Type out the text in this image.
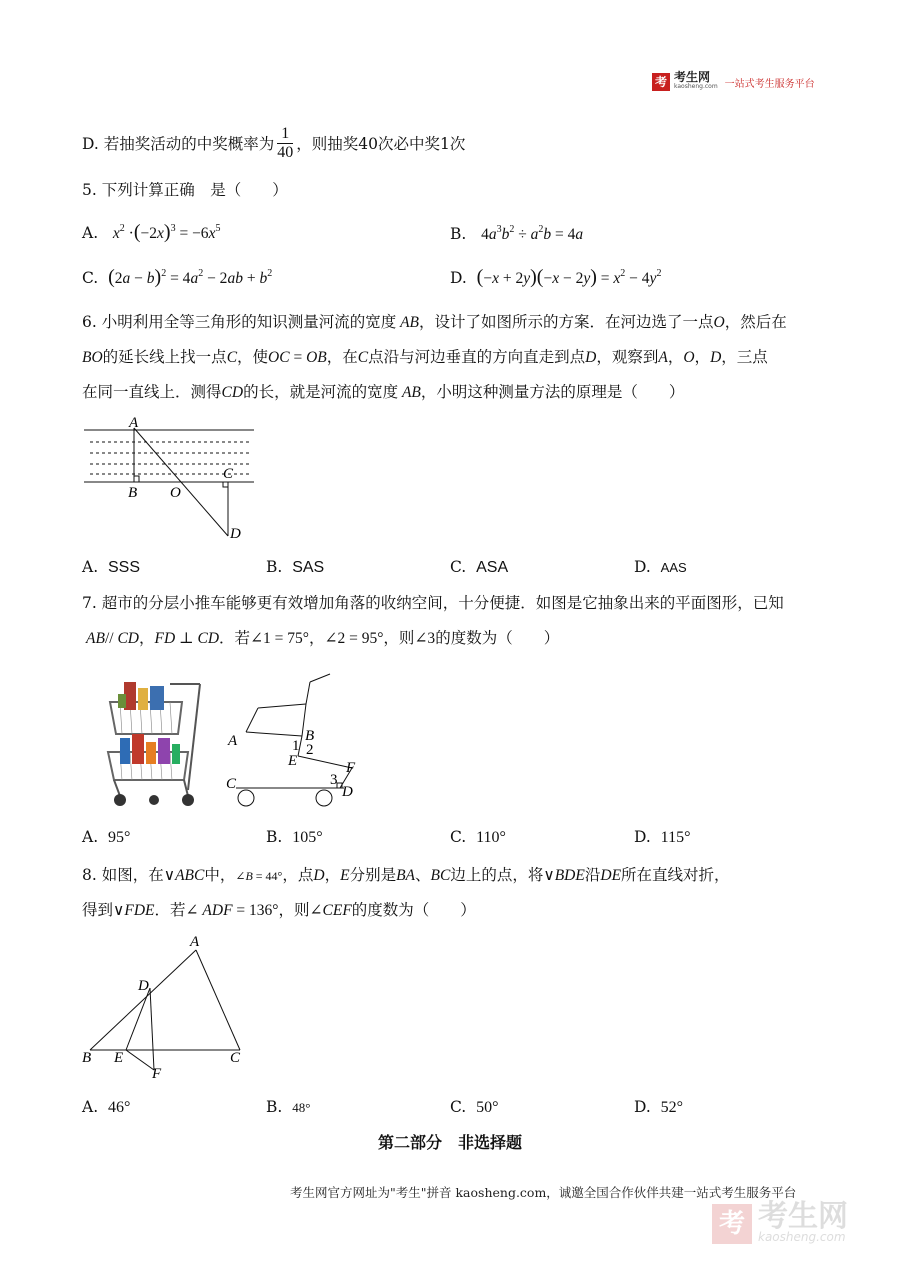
考 考生网
kaosheng.com 一站式考生服务平台
D.
若抽奖活动的中奖概率为 $\frac{1}{40}$ ，则抽奖40次必中奖1次
5. 下列计算正确　是（　　）
A. $x^2 \cdot(-2x)^3 = -6x^5$	B. $4a^3b^2 \div a^2b = 4a$
C. $(2a - b)^2 = 4a^2 - 2ab + b^2$	D. $(-x + 2y)(-x - 2y) = x^2 - 4y^2$
6. 小明利用全等三角形的知识测量河流的宽度 AB，设计了如图所示的方案．在河边选了一点O，然后在
BO的延长线上找一点C，使OC = OB，在C点沿与河边垂直的方向直走到点D，观察到A，O，D，三点
在同一直线上．测得CD的长，就是河流的宽度 AB，小明这种测量方法的原理是（　　）
A
B O
C
D
A. SSS	B. SAS	C. ASA	D. AAS
7. 超市的分层小推车能够更有效增加角落的收纳空间，十分便捷．如图是它抽象出来的平面图形，已知
AB// CD，FD ⊥ CD．若∠1 = 75°，∠2 = 95°，则∠3的度数为（　　）
A	B
1 2
E	F
3
C	D
A. 95°	B. 105°	C. 110°	D. 115°
8. 如图，在∨ABC中，∠B = 44°，点D，E分别是BA、BC边上的点，将∨BDE沿DE所在直线对折，
得到∨FDE．若∠ ADF = 136°，则∠CEF的度数为（　　）
A
D
B E	C
F
A. 46°	B. 48°	C. 50°	D. 52°
第二部分　非选择题
考生网官方网址为"考生"拼音 kaosheng.com，诚邀全国合作伙伴共建一站式考生服务平台
考 考生网
kaosheng.com
